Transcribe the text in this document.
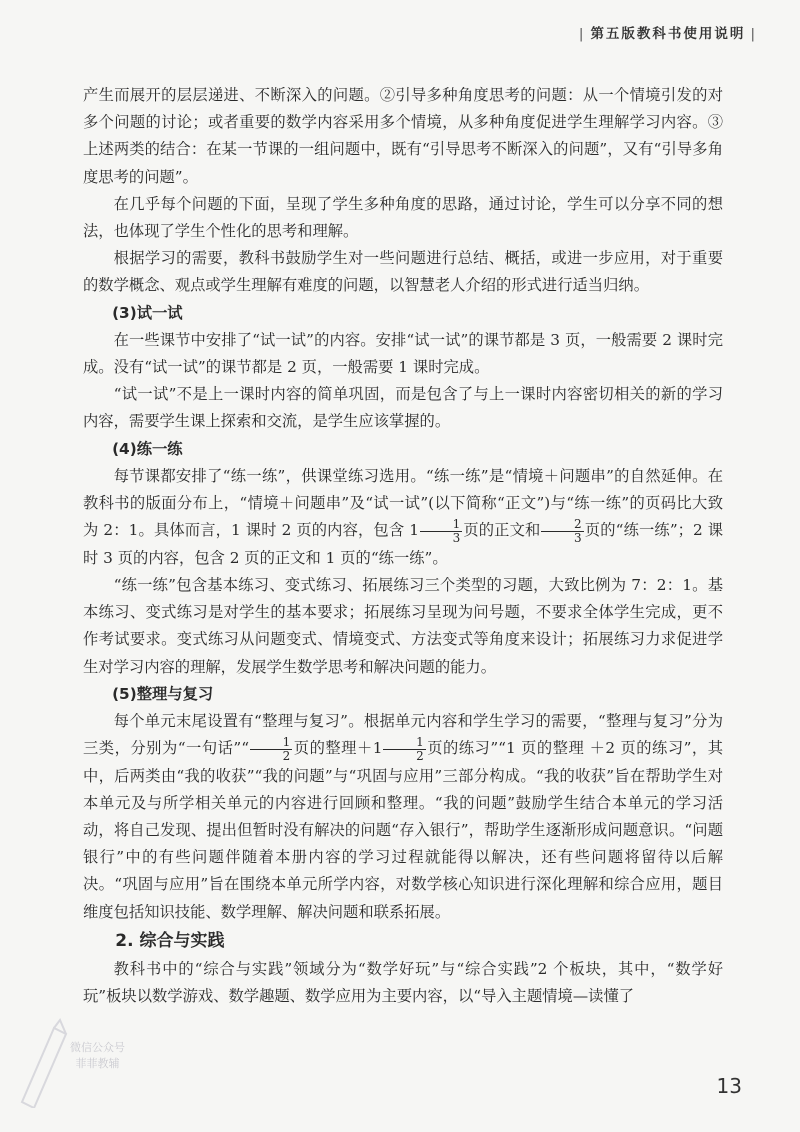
| 第五版教科书使用说明 |

产生而展开的层层递进、不断深入的问题。②引导多种角度思考的问题：从一个情境引发的对多个问题的讨论；或者重要的数学内容采用多个情境，从多种角度促进学生理解学习内容。③上述两类的结合：在某一节课的一组问题中，既有“引导思考不断深入的问题”，又有“引导多角度思考的问题”。

在几乎每个问题的下面，呈现了学生多种角度的思路，通过讨论，学生可以分享不同的想法，也体现了学生个性化的思考和理解。

根据学习的需要，教科书鼓励学生对一些问题进行总结、概括，或进一步应用，对于重要的数学概念、观点或学生理解有难度的问题，以智慧老人介绍的形式进行适当归纳。

(3)试一试

在一些课节中安排了“试一试”的内容。安排“试一试”的课节都是 3 页，一般需要 2 课时完成。没有“试一试”的课节都是 2 页，一般需要 1 课时完成。

“试一试”不是上一课时内容的简单巩固，而是包含了与上一课时内容密切相关的新的学习内容，需要学生课上探索和交流，是学生应该掌握的。

(4)练一练

每节课都安排了“练一练”，供课堂练习选用。“练一练”是“情境＋问题串”的自然延伸。在教科书的版面分布上，“情境＋问题串”及“试一试”(以下简称“正文”)与“练一练”的页码比大致为 2：1。具体而言，1 课时 2 页的内容，包含 $1 \frac{1}{3}$ 页的正文和 $\frac{2}{3}$ 页的“练一练”；2 课时 3 页的内容，包含 2 页的正文和 1 页的“练一练”。

“练一练”包含基本练习、变式练习、拓展练习三个类型的习题，大致比例为 7：2：1。基本练习、变式练习是对学生的基本要求；拓展练习呈现为问号题，不要求全体学生完成，更不作考试要求。变式练习从问题变式、情境变式、方法变式等角度来设计；拓展练习力求促进学生对学习内容的理解，发展学生数学思考和解决问题的能力。

(5)整理与复习

每个单元末尾设置有“整理与复习”。根据单元内容和学生学习的需要，“整理与复习”分为三类，分别为“一句话”“ $\frac{1}{2}$ 页的整理$+1 \frac{1}{2}$ 页的练习”“1 页的整理 ＋2 页的练习”，其中，后两类由“我的收获”“我的问题”与“巩固与应用”三部分构成。“我的收获”旨在帮助学生对本单元及与所学相关单元的内容进行回顾和整理。“我的问题”鼓励学生结合本单元的学习活动，将自己发现、提出但暂时没有解决的问题“存入银行”，帮助学生逐渐形成问题意识。“问题银行”中的有些问题伴随着本册内容的学习过程就能得以解决，还有些问题将留待以后解决。“巩固与应用”旨在围绕本单元所学内容，对数学核心知识进行深化理解和综合应用，题目维度包括知识技能、数学理解、解决问题和联系拓展。

2. 综合与实践

教科书中的“综合与实践”领域分为“数学好玩”与“综合实践”2 个板块，其中，“数学好玩”板块以数学游戏、数学趣题、数学应用为主要内容，以“导入主题情境—读懂了

微信公众号
菲菲教辅
13
